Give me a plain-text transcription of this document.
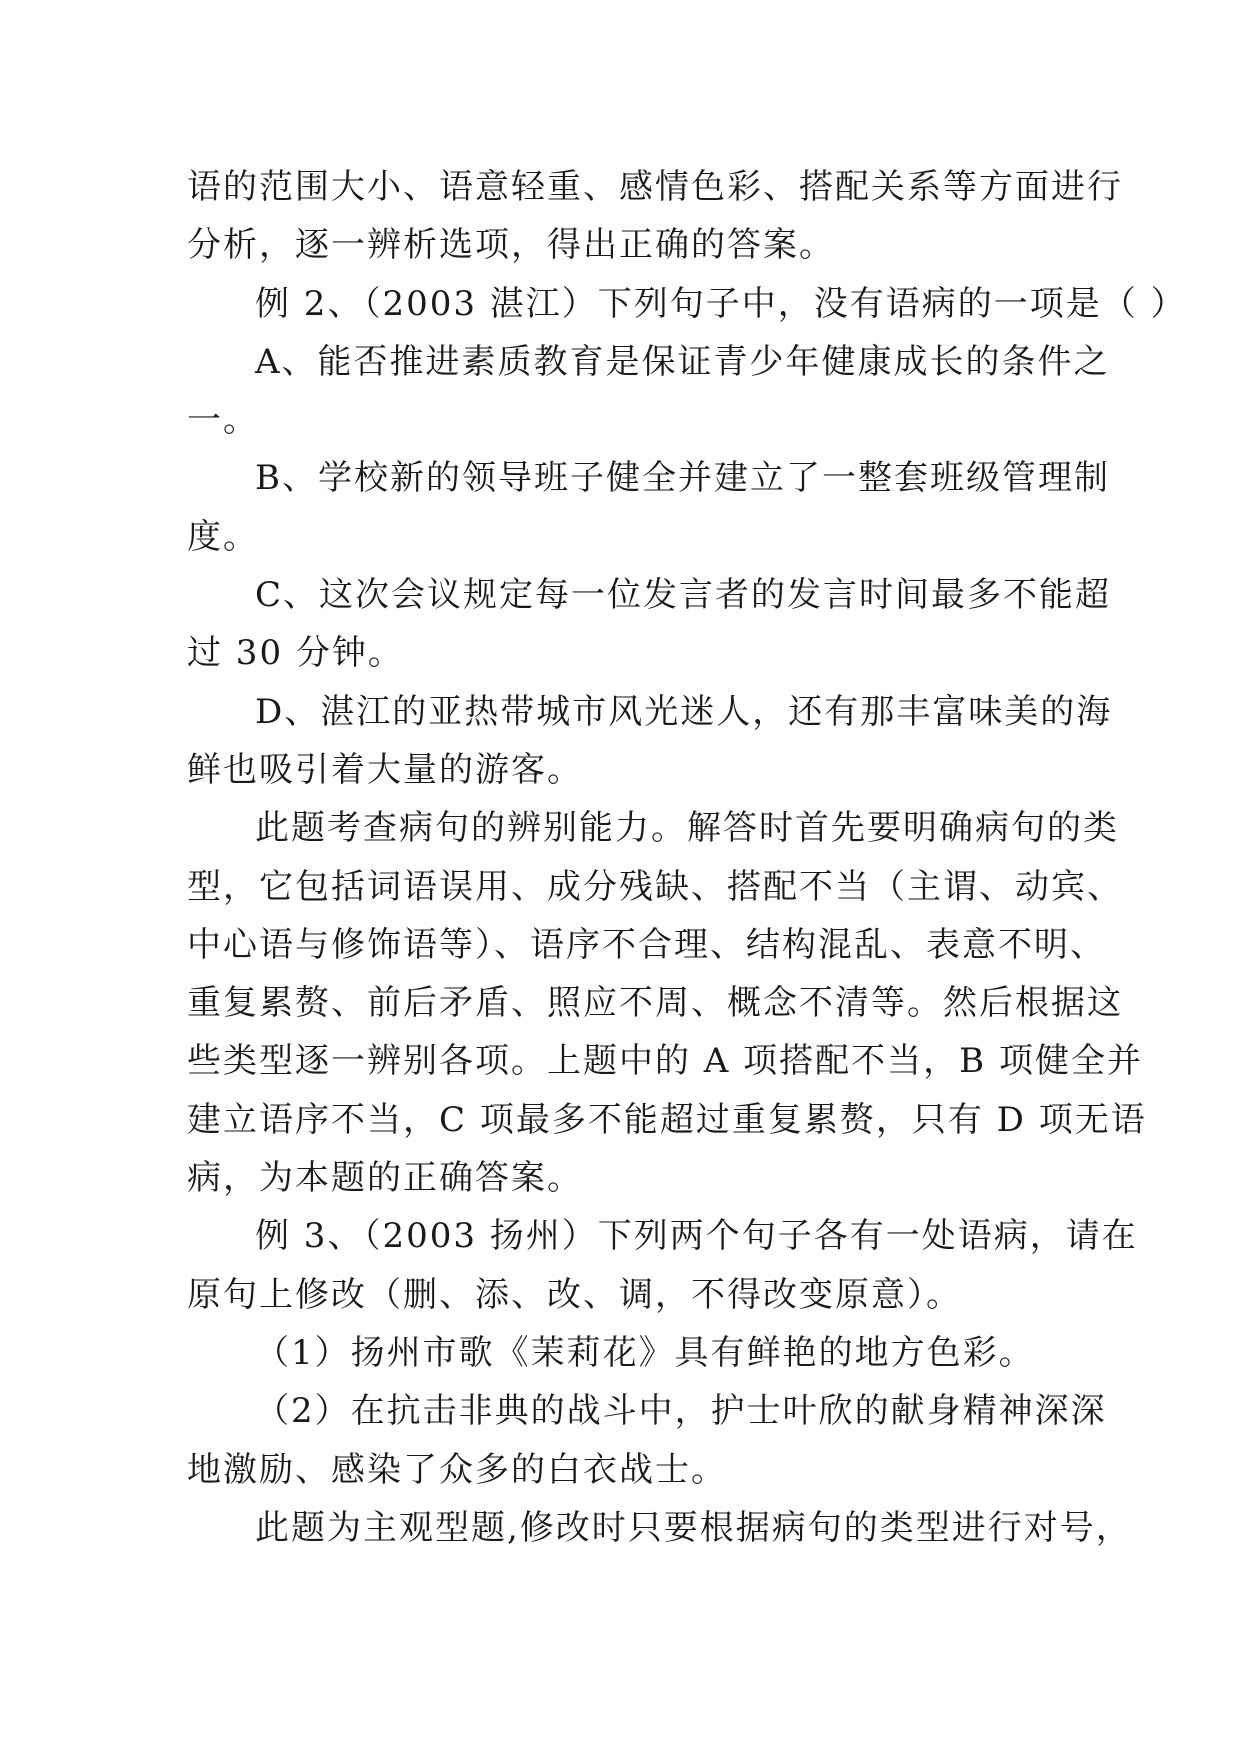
语的范围大小、语意轻重、感情色彩、搭配关系等方面进行
分析，逐一辨析选项，得出正确的答案。
例 2、（2003 湛江）下列句子中，没有语病的一项是（ ）
A、能否推进素质教育是保证青少年健康成长的条件之
一。
B、学校新的领导班子健全并建立了一整套班级管理制
度。
C、这次会议规定每一位发言者的发言时间最多不能超
过 30 分钟。
D、湛江的亚热带城市风光迷人，还有那丰富味美的海
鲜也吸引着大量的游客。
此题考查病句的辨别能力。解答时首先要明确病句的类
型，它包括词语误用、成分残缺、搭配不当（主谓、动宾、
中心语与修饰语等）、语序不合理、结构混乱、表意不明、
重复累赘、前后矛盾、照应不周、概念不清等。然后根据这
些类型逐一辨别各项。上题中的 A 项搭配不当，B 项健全并
建立语序不当，C 项最多不能超过重复累赘，只有 D 项无语
病，为本题的正确答案。
例 3、（2003 扬州）下列两个句子各有一处语病，请在
原句上修改（删、添、改、调，不得改变原意）。
（1）扬州市歌《茉莉花》具有鲜艳的地方色彩。
（2）在抗击非典的战斗中，护士叶欣的献身精神深深
地激励、感染了众多的白衣战士。
此题为主观型题,修改时只要根据病句的类型进行对号，
